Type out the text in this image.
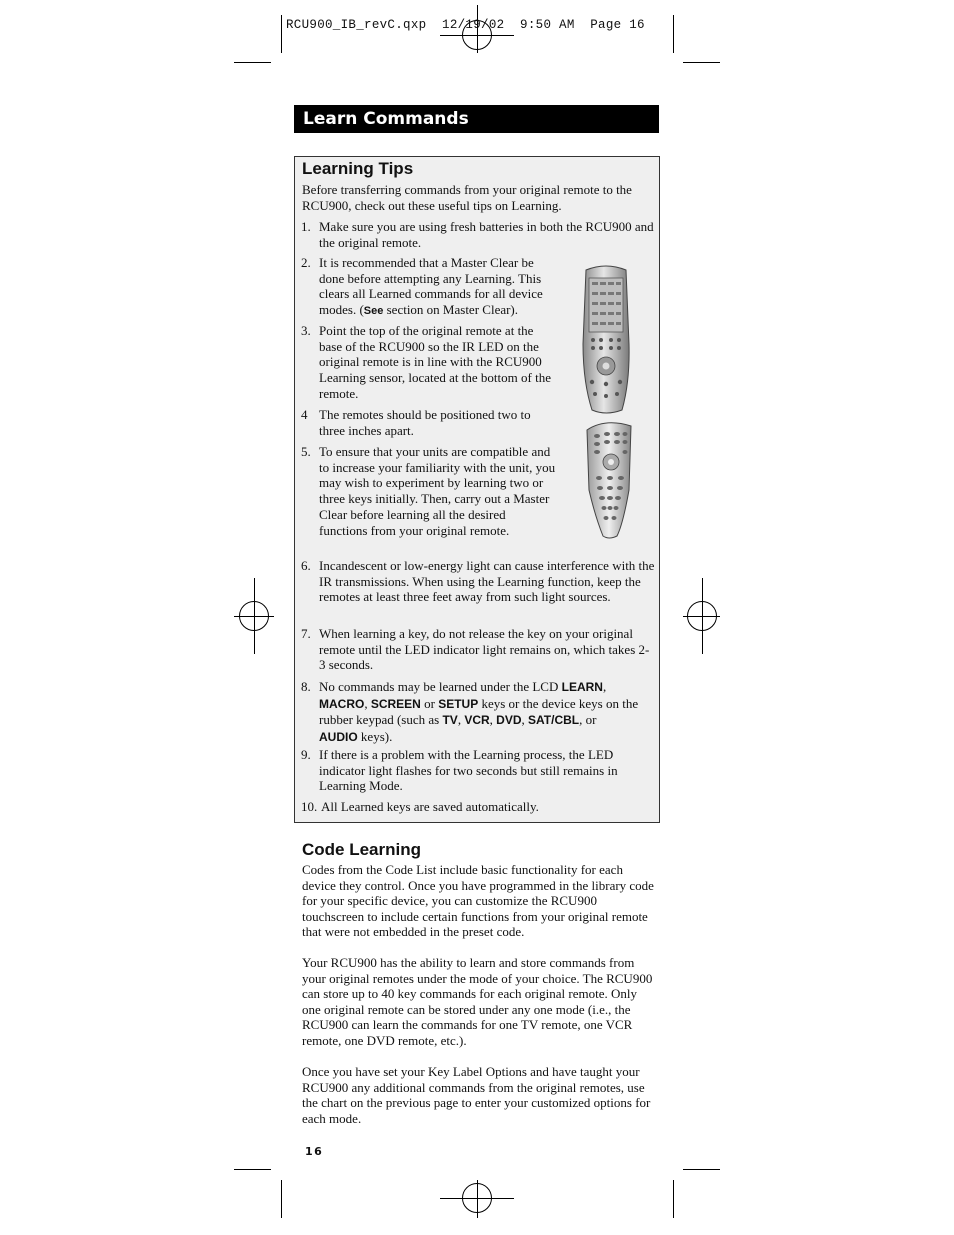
RCU900_IB_revC.qxp  12/19/02  9:50 AM  Page 16
Learn Commands
Learning Tips

Before transferring commands from your original remote to the RCU900, check out these useful tips on Learning.

1. Make sure you are using fresh batteries in both the RCU900 and the original remote.
2. It is recommended that a Master Clear be done before attempting any Learning. This clears all Learned commands for all device modes. (See section on Master Clear).
3. Point the top of the original remote at the base of the RCU900 so the IR LED on the original remote is in line with the RCU900 Learning sensor, located at the bottom of the remote.
4 The remotes should be positioned two to three inches apart.
5. To ensure that your units are compatible and to increase your familiarity with the unit, you may wish to experiment by learning two or three keys initially. Then, carry out a Master Clear before learning all the desired functions from your original remote.
6. Incandescent or low-energy light can cause interference with the IR transmissions. When using the Learning function, keep the remotes at least three feet away from such light sources.
7. When learning a key, do not release the key on your original remote until the LED indicator light remains on, which takes 2-3 seconds.
8. No commands may be learned under the LCD LEARN,
MACRO, SCREEN or SETUP keys or the device keys on the rubber keypad (such as TV, VCR, DVD, SAT/CBL, or
AUDIO keys).
9. If there is a problem with the Learning process, the LED indicator light flashes for two seconds but still remains in Learning Mode.
10. All Learned keys are saved automatically.
Code Learning

Codes from the Code List include basic functionality for each device they control. Once you have programmed in the library code for your specific device, you can customize the RCU900 touchscreen to include certain functions from your original remote that were not embedded in the preset code.

Your RCU900 has the ability to learn and store commands from your original remotes under the mode of your choice. The RCU900 can store up to 40 key commands for each original remote. Only one original remote can be stored under any one mode (i.e., the RCU900 can learn the commands for one TV remote, one VCR remote, one DVD remote, etc.).

Once you have set your Key Label Options and have taught your RCU900 any additional commands from the original remotes, use the chart on the previous page to enter your customized options for each mode.

16
